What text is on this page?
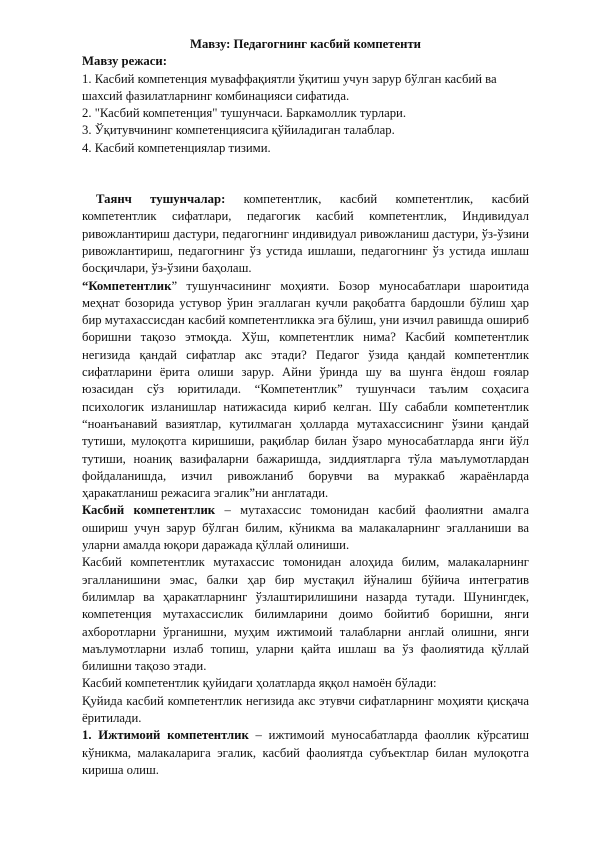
Мавзу: Педагогнинг касбий компетенти

Мавзу режаси:

1. Касбий компетенция муваффақиятли ўқитиш учун зарур бўлган касбий ва шахсий фазилатларнинг комбинацияси сифатида.

2. "Касбий компетенция" тушунчаси. Баркамоллик турлари.

3. Ўқитувчининг компетенциясига қўйиладиган талаблар.

4. Касбий компетенциялар тизими.

Таянч тушунчалар: компетентлик, касбий компетентлик, касбий компетентлик сифатлари, педагогик касбий компетентлик, Индивидуал ривожлантириш дастури, педагогнинг индивидуал ривожланиш дастури, ўз-ўзини ривожлантириш, педагогнинг ўз устида ишлаши, педагогнинг ўз устида ишлаш босқичлари, ўз-ўзини баҳолаш.

“Компетентлик” тушунчасининг моҳияти. Бозор муносабатлари шароитида меҳнат бозорида устувор ўрин эгаллаган кучли рақобатга бардошли бўлиш ҳар бир мутахассисдан касбий компетентликка эга бўлиш, уни изчил равишда ошириб боришни тақозо этмоқда. Хўш, компетентлик нима? Касбий компетентлик негизида қандай сифатлар акс этади? Педагог ўзида қандай компетентлик сифатларини ёрита олиши зарур. Айни ўринда шу ва шунга ёндош ғоялар юзасидан сўз юритилади. “Компетентлик” тушунчаси таълим соҳасига психологик изланишлар натижасида кириб келган. Шу сабабли компетентлик “ноанъанавий вазиятлар, кутилмаган ҳолларда мутахассиснинг ўзини қандай тутиши, мулоқотга киришиши, рақиблар билан ўзаро муносабатларда янги йўл тутиши, ноаниқ вазифаларни бажаришда, зиддиятларга тўла маълумотлардан фойдаланишда, изчил ривожланиб борувчи ва мураккаб жараёнларда ҳаракатланиш режасига эгалик”ни англатади.

Касбий компетентлик – мутахассис томонидан касбий фаолиятни амалга ошириш учун зарур бўлган билим, кўникма ва малакаларнинг эгалланиши ва уларни амалда юқори даражада қўллай олиниши.

Касбий компетентлик мутахассис томонидан алоҳида билим, малакаларнинг эгалланишини эмас, балки ҳар бир мустақил йўналиш бўйича интегратив билимлар ва ҳаракатларнинг ўзлаштирилишини назарда тутади. Шунингдек, компетенция мутахассислик билимларини доимо бойитиб боришни, янги ахборотларни ўрганишни, муҳим ижтимоий талабларни англай олишни, янги маълумотларни излаб топиш, уларни қайта ишлаш ва ўз фаолиятида қўллай билишни тақозо этади.

Касбий компетентлик қуйидаги ҳолатларда яққол намоён бўлади:

Қуйида касбий компетентлик негизида акс этувчи сифатларнинг моҳияти қисқача ёритилади.

1. Ижтимоий компетентлик – ижтимоий муносабатларда фаоллик кўрсатиш кўникма, малакаларига эгалик, касбий фаолиятда субъектлар билан мулоқотга киришa олиш.
